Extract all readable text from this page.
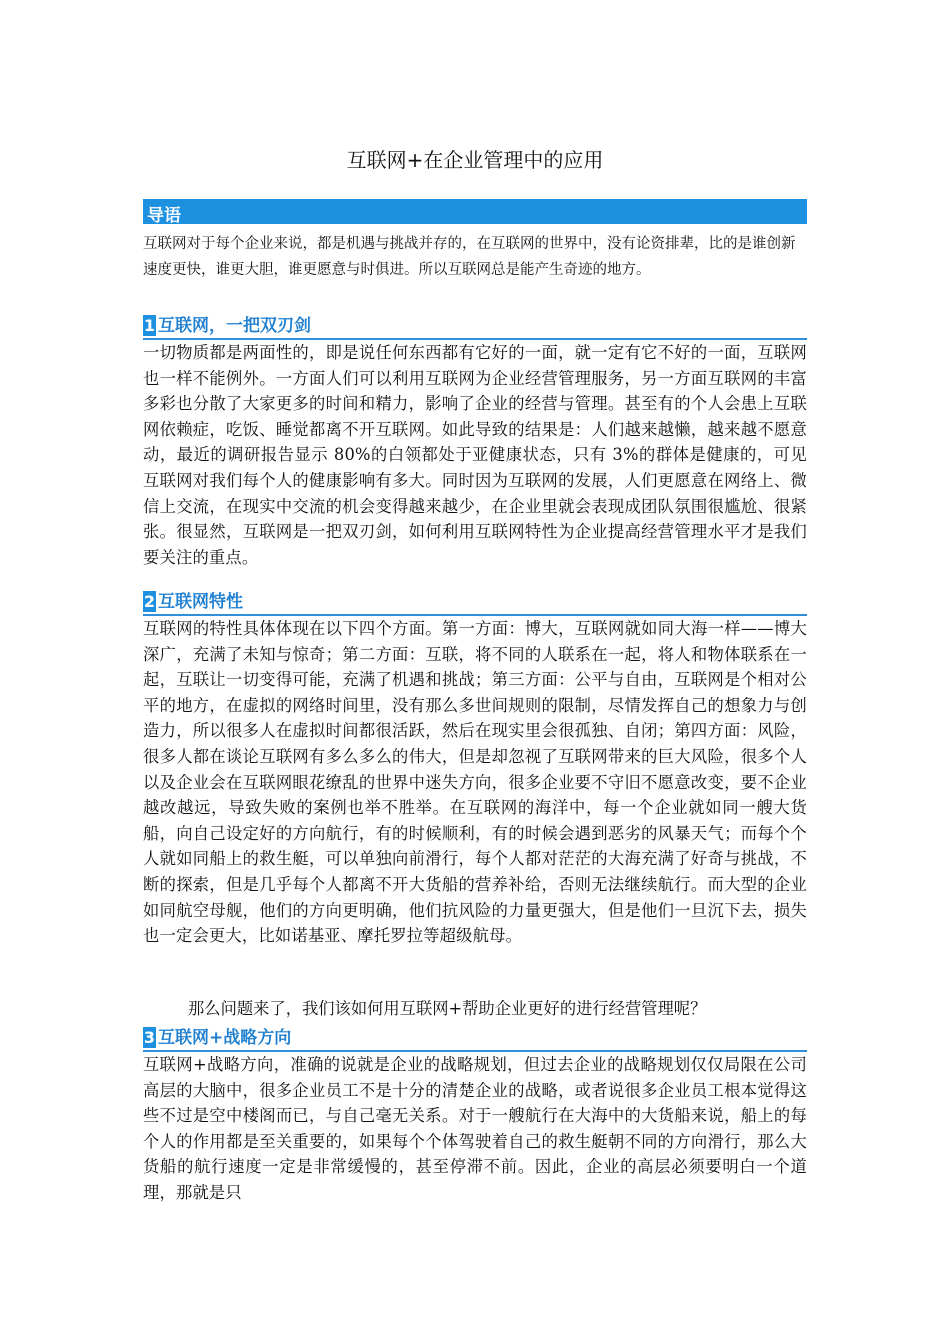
互联网+在企业管理中的应用
导语
互联网对于每个企业来说，都是机遇与挑战并存的，在互联网的世界中，没有论资排辈，比的是谁创新速度更快，谁更大胆，谁更愿意与时俱进。所以互联网总是能产生奇迹的地方。
1 互联网，一把双刃剑
一切物质都是两面性的，即是说任何东西都有它好的一面，就一定有它不好的一面，互联网也一样不能例外。一方面人们可以利用互联网为企业经营管理服务，另一方面互联网的丰富多彩也分散了大家更多的时间和精力，影响了企业的经营与管理。甚至有的个人会患上互联网依赖症，吃饭、睡觉都离不开互联网。如此导致的结果是：人们越来越懒，越来越不愿意动，最近的调研报告显示 80%的白领都处于亚健康状态，只有 3%的群体是健康的，可见互联网对我们每个人的健康影响有多大。同时因为互联网的发展，人们更愿意在网络上、微信上交流，在现实中交流的机会变得越来越少，在企业里就会表现成团队氛围很尴尬、很紧张。很显然，互联网是一把双刃剑，如何利用互联网特性为企业提高经营管理水平才是我们要关注的重点。
2 互联网特性
互联网的特性具体体现在以下四个方面。第一方面：博大，互联网就如同大海一样——博大深广，充满了未知与惊奇；第二方面：互联，将不同的人联系在一起，将人和物体联系在一起，互联让一切变得可能，充满了机遇和挑战；第三方面：公平与自由，互联网是个相对公平的地方，在虚拟的网络时间里，没有那么多世间规则的限制，尽情发挥自己的想象力与创造力，所以很多人在虚拟时间都很活跃，然后在现实里会很孤独、自闭；第四方面：风险，很多人都在谈论互联网有多么多么的伟大，但是却忽视了互联网带来的巨大风险，很多个人以及企业会在互联网眼花缭乱的世界中迷失方向，很多企业要不守旧不愿意改变，要不企业越改越远，导致失败的案例也举不胜举。在互联网的海洋中，每一个企业就如同一艘大货船，向自己设定好的方向航行，有的时候顺利，有的时候会遇到恶劣的风暴天气；而每个个人就如同船上的救生艇，可以单独向前滑行，每个人都对茫茫的大海充满了好奇与挑战，不断的探索，但是几乎每个人都离不开大货船的营养补给，否则无法继续航行。而大型的企业如同航空母舰，他们的方向更明确，他们抗风险的力量更强大，但是他们一旦沉下去，损失也一定会更大，比如诺基亚、摩托罗拉等超级航母。
那么问题来了，我们该如何用互联网+帮助企业更好的进行经营管理呢？
3 互联网+战略方向
互联网+战略方向，准确的说就是企业的战略规划，但过去企业的战略规划仅仅局限在公司高层的大脑中，很多企业员工不是十分的清楚企业的战略，或者说很多企业员工根本觉得这些不过是空中楼阁而已，与自己毫无关系。对于一艘航行在大海中的大货船来说，船上的每个人的作用都是至关重要的，如果每个个体驾驶着自己的救生艇朝不同的方向滑行，那么大货船的航行速度一定是非常缓慢的，甚至停滞不前。因此，企业的高层必须要明白一个道理，那就是只
